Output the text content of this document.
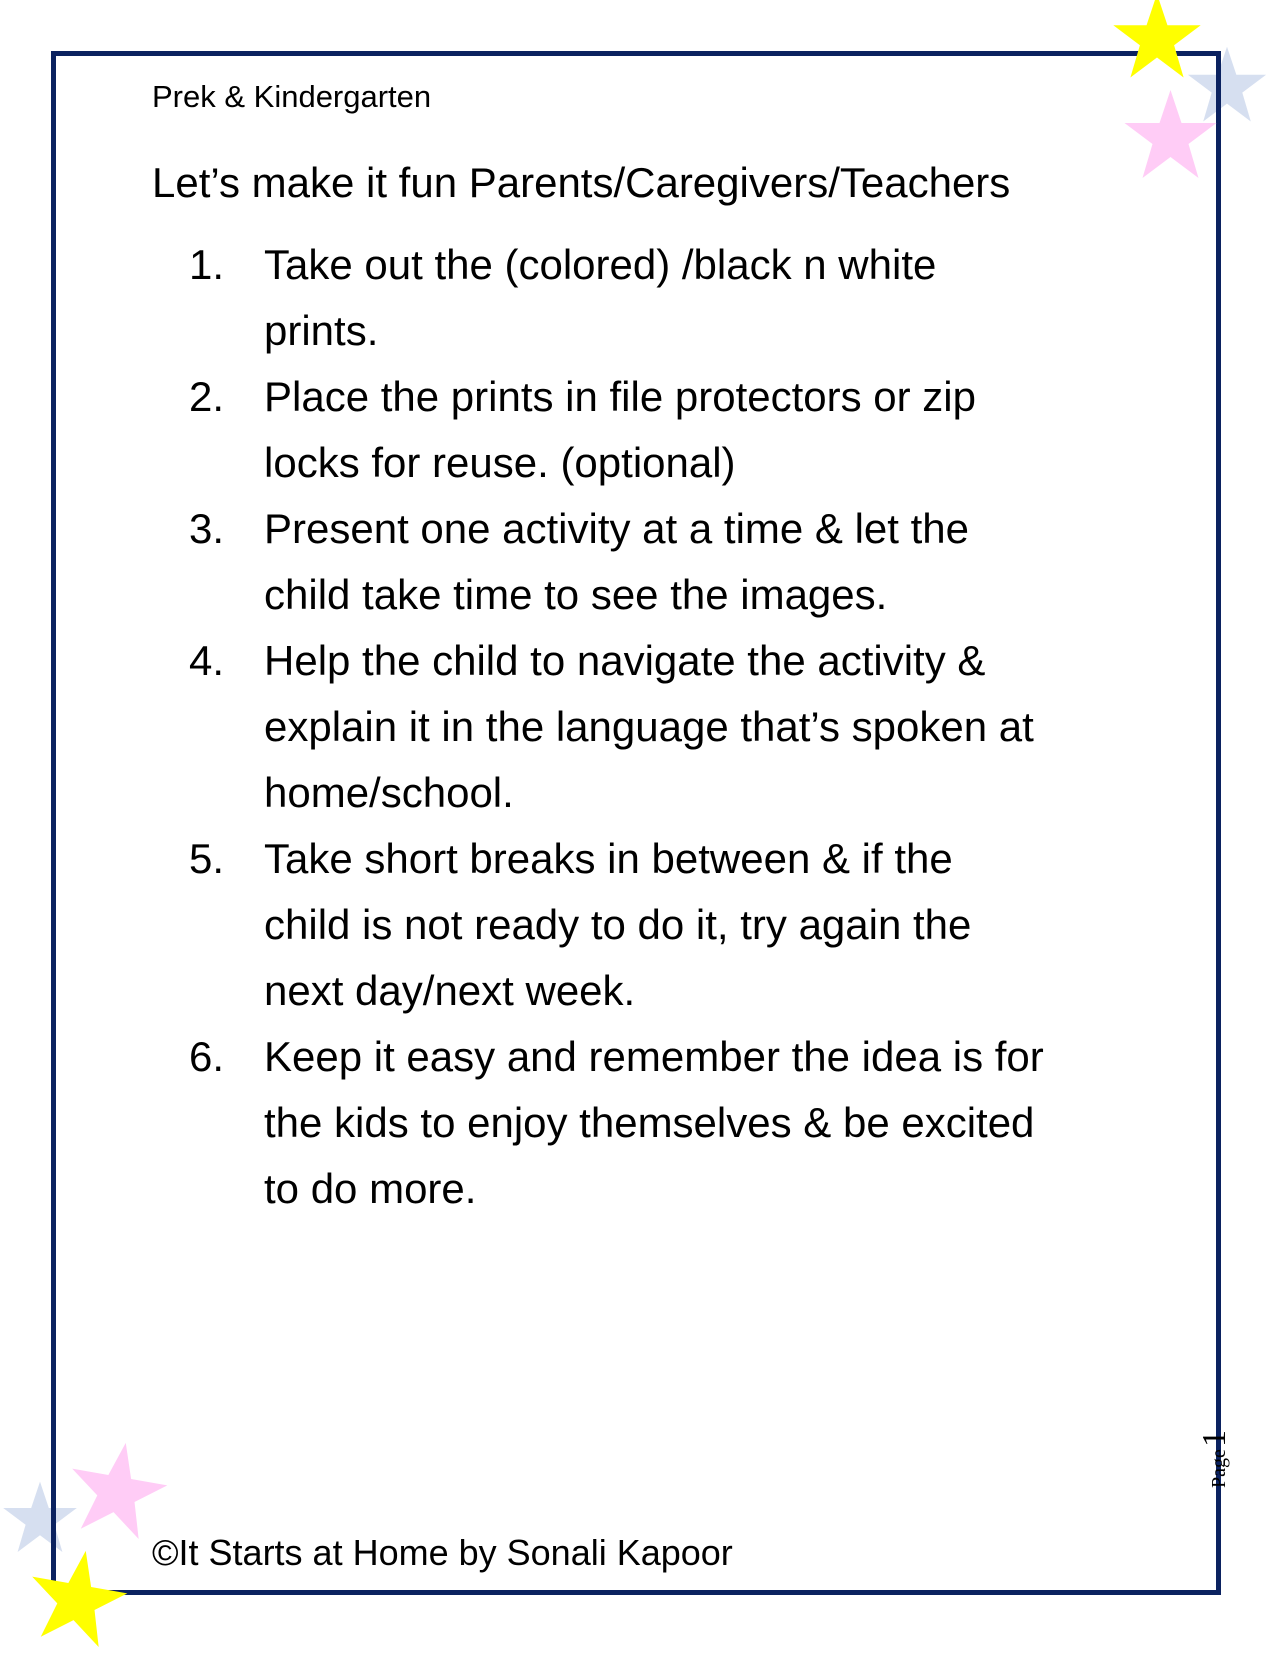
Prek & Kindergarten
Let’s make it fun Parents/Caregivers/Teachers
1. Take out the (colored) /black n white
prints.
2. Place the prints in file protectors or zip
locks for reuse. (optional)
3. Present one activity at a time & let the
child take time to see the images.
4. Help the child to navigate the activity &
explain it in the language that’s spoken at
home/school.
5. Take short breaks in between & if the
child is not ready to do it, try again the
next day/next week.
6. Keep it easy and remember the idea is for
the kids to enjoy themselves & be excited
to do more.
©It Starts at Home by Sonali Kapoor
Page
1
